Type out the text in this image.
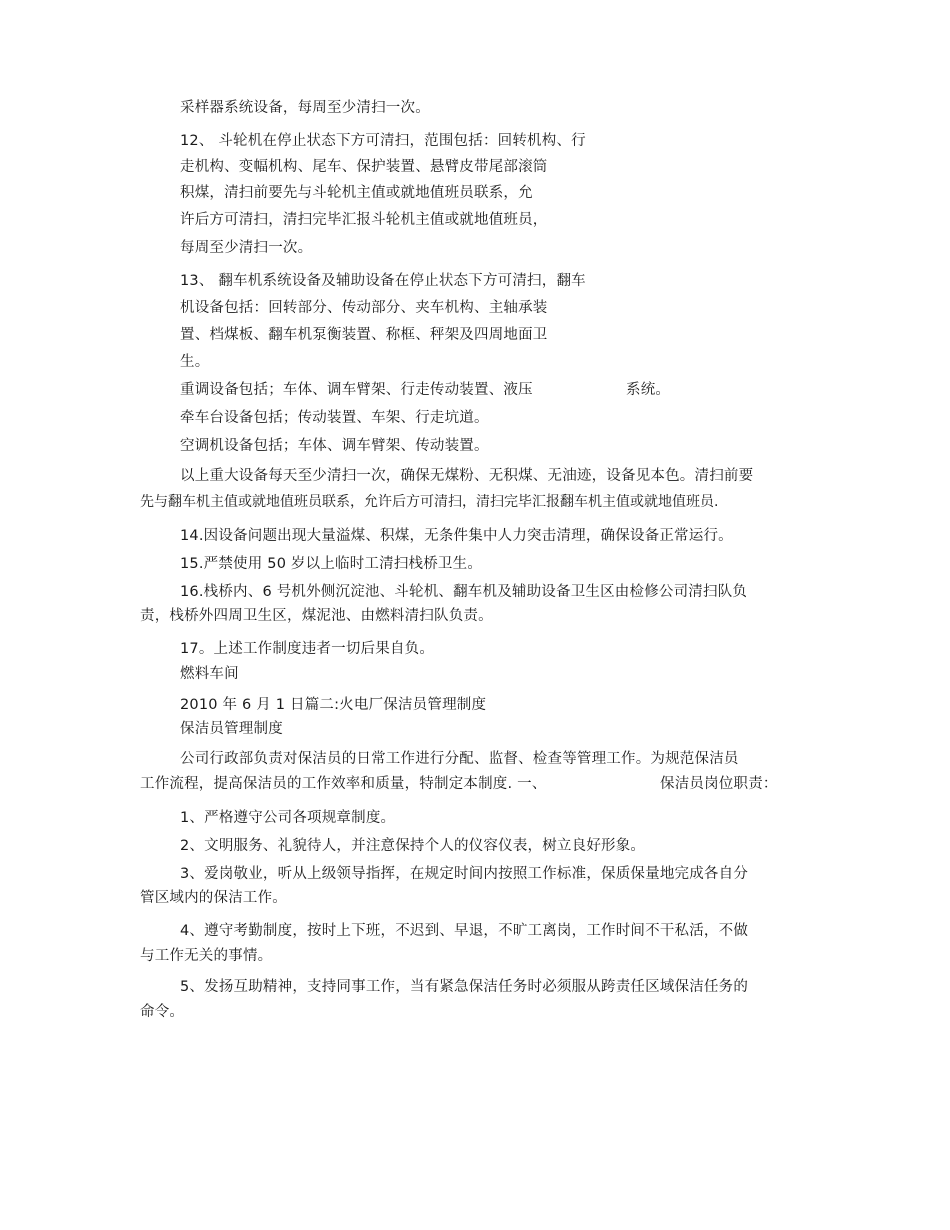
采样器系统设备，每周至少清扫一次。
12、 斗轮机在停止状态下方可清扫，范围包括：回转机构、行
走机构、变幅机构、尾车、保护装置、悬臂皮带尾部滚筒
积煤，清扫前要先与斗轮机主值或就地值班员联系，允
许后方可清扫，清扫完毕汇报斗轮机主值或就地值班员，
每周至少清扫一次。
13、 翻车机系统设备及辅助设备在停止状态下方可清扫，翻车
机设备包括：回转部分、传动部分、夹车机构、主轴承装
置、档煤板、翻车机泵衡装置、称框、秤架及四周地面卫
生。
重调设备包括；车体、调车臂架、行走传动装置、液压	系统。
牵车台设备包括；传动装置、车架、行走坑道。
空调机设备包括；车体、调车臂架、传动装置。
以上重大设备每天至少清扫一次，确保无煤粉、无积煤、无油迹，设备见本色。清扫前要
先与翻车机主值或就地值班员联系，允许后方可清扫，清扫完毕汇报翻车机主值或就地值班员.
14.因设备问题出现大量溢煤、积煤，无条件集中人力突击清理，确保设备正常运行。
15.严禁使用 50 岁以上临时工清扫栈桥卫生。
16.栈桥内、6 号机外侧沉淀池、斗轮机、翻车机及辅助设备卫生区由检修公司清扫队负
责，栈桥外四周卫生区，煤泥池、由燃料清扫队负责。
17。上述工作制度违者一切后果自负。
燃料车间
2010 年 6 月 1 日篇二:火电厂保洁员管理制度
保洁员管理制度
公司行政部负责对保洁员的日常工作进行分配、监督、检查等管理工作。为规范保洁员
工作流程，提高保洁员的工作效率和质量，特制定本制度. 一、	保洁员岗位职责：
1、严格遵守公司各项规章制度。
2、文明服务、礼貌待人，并注意保持个人的仪容仪表，树立良好形象。
3、爱岗敬业，听从上级领导指挥，在规定时间内按照工作标准，保质保量地完成各自分
管区域内的保洁工作。
4、遵守考勤制度，按时上下班，不迟到、早退，不旷工离岗，工作时间不干私活，不做
与工作无关的事情。
5、发扬互助精神，支持同事工作，当有紧急保洁任务时必须服从跨责任区域保洁任务的
命令。
